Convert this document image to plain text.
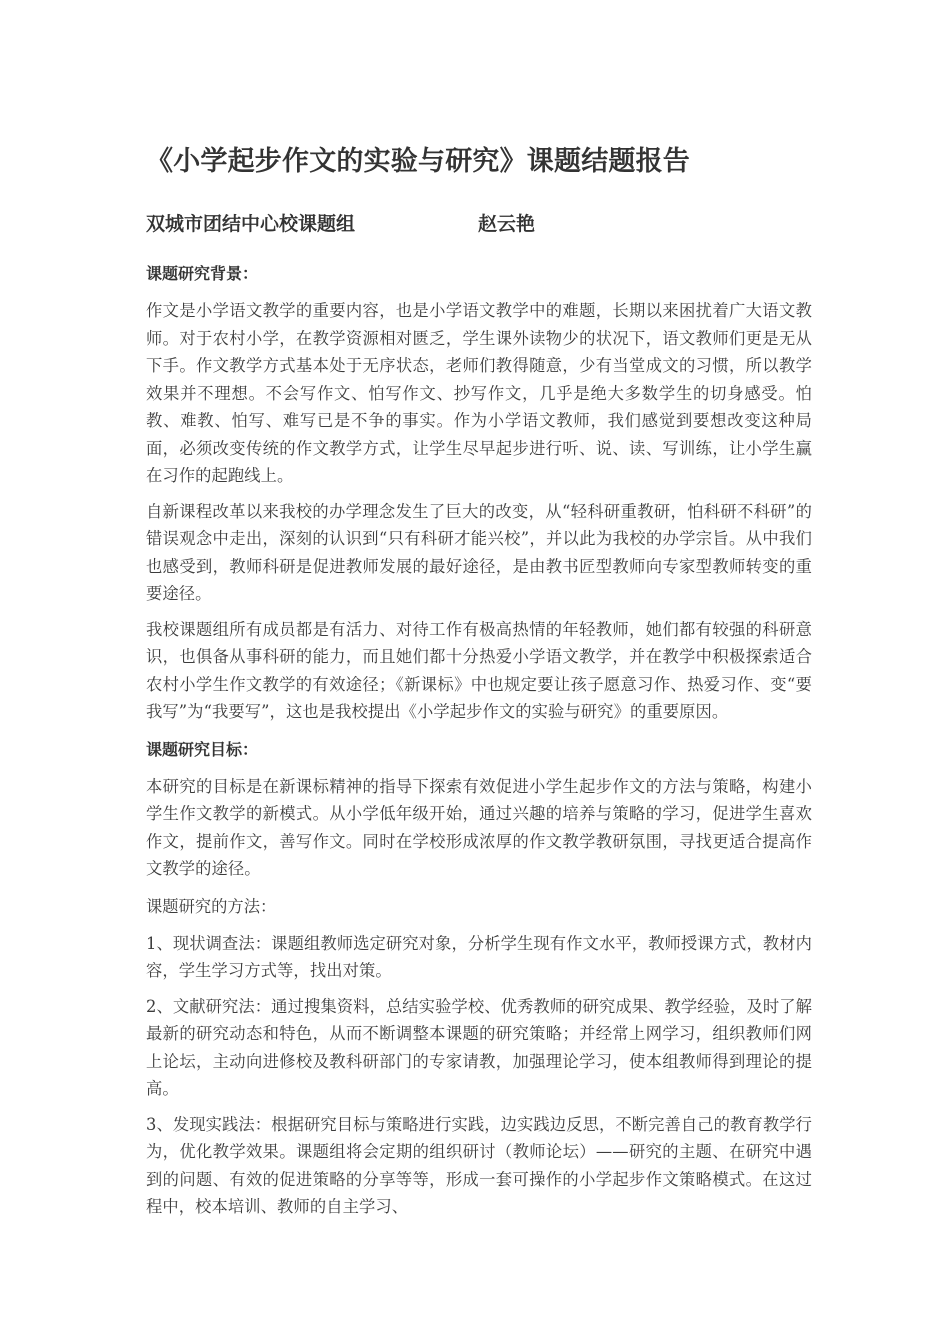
《小学起步作文的实验与研究》课题结题报告

双城市团结中心校课题组	赵云艳

课题研究背景：

作文是小学语文教学的重要内容，也是小学语文教学中的难题，长期以来困扰着广大语文教师。对于农村小学，在教学资源相对匮乏，学生课外读物少的状况下，语文教师们更是无从下手。作文教学方式基本处于无序状态，老师们教得随意，少有当堂成文的习惯，所以教学效果并不理想。不会写作文、怕写作文、抄写作文，几乎是绝大多数学生的切身感受。怕教、难教、怕写、难写已是不争的事实。作为小学语文教师，我们感觉到要想改变这种局面，必须改变传统的作文教学方式，让学生尽早起步进行听、说、读、写训练，让小学生赢在习作的起跑线上。

自新课程改革以来我校的办学理念发生了巨大的改变，从“轻科研重教研，怕科研不科研”的错误观念中走出，深刻的认识到“只有科研才能兴校”，并以此为我校的办学宗旨。从中我们也感受到，教师科研是促进教师发展的最好途径，是由教书匠型教师向专家型教师转变的重要途径。

我校课题组所有成员都是有活力、对待工作有极高热情的年轻教师，她们都有较强的科研意识，也俱备从事科研的能力，而且她们都十分热爱小学语文教学，并在教学中积极探索适合农村小学生作文教学的有效途径；《新课标》中也规定要让孩子愿意习作、热爱习作、变“要我写”为“我要写”，这也是我校提出《小学起步作文的实验与研究》的重要原因。

课题研究目标：

本研究的目标是在新课标精神的指导下探索有效促进小学生起步作文的方法与策略，构建小学生作文教学的新模式。从小学低年级开始，通过兴趣的培养与策略的学习，促进学生喜欢作文，提前作文，善写作文。同时在学校形成浓厚的作文教学教研氛围，寻找更适合提高作文教学的途径。

课题研究的方法：

1、现状调查法：课题组教师选定研究对象，分析学生现有作文水平，教师授课方式，教材内容，学生学习方式等，找出对策。

2、文献研究法：通过搜集资料，总结实验学校、优秀教师的研究成果、教学经验，及时了解最新的研究动态和特色，从而不断调整本课题的研究策略；并经常上网学习，组织教师们网上论坛，主动向进修校及教科研部门的专家请教，加强理论学习，使本组教师得到理论的提高。

3、发现实践法：根据研究目标与策略进行实践，边实践边反思，不断完善自己的教育教学行为，优化教学效果。课题组将会定期的组织研讨（教师论坛）——研究的主题、在研究中遇到的问题、有效的促进策略的分享等等，形成一套可操作的小学起步作文策略模式。在这过程中，校本培训、教师的自主学习、
